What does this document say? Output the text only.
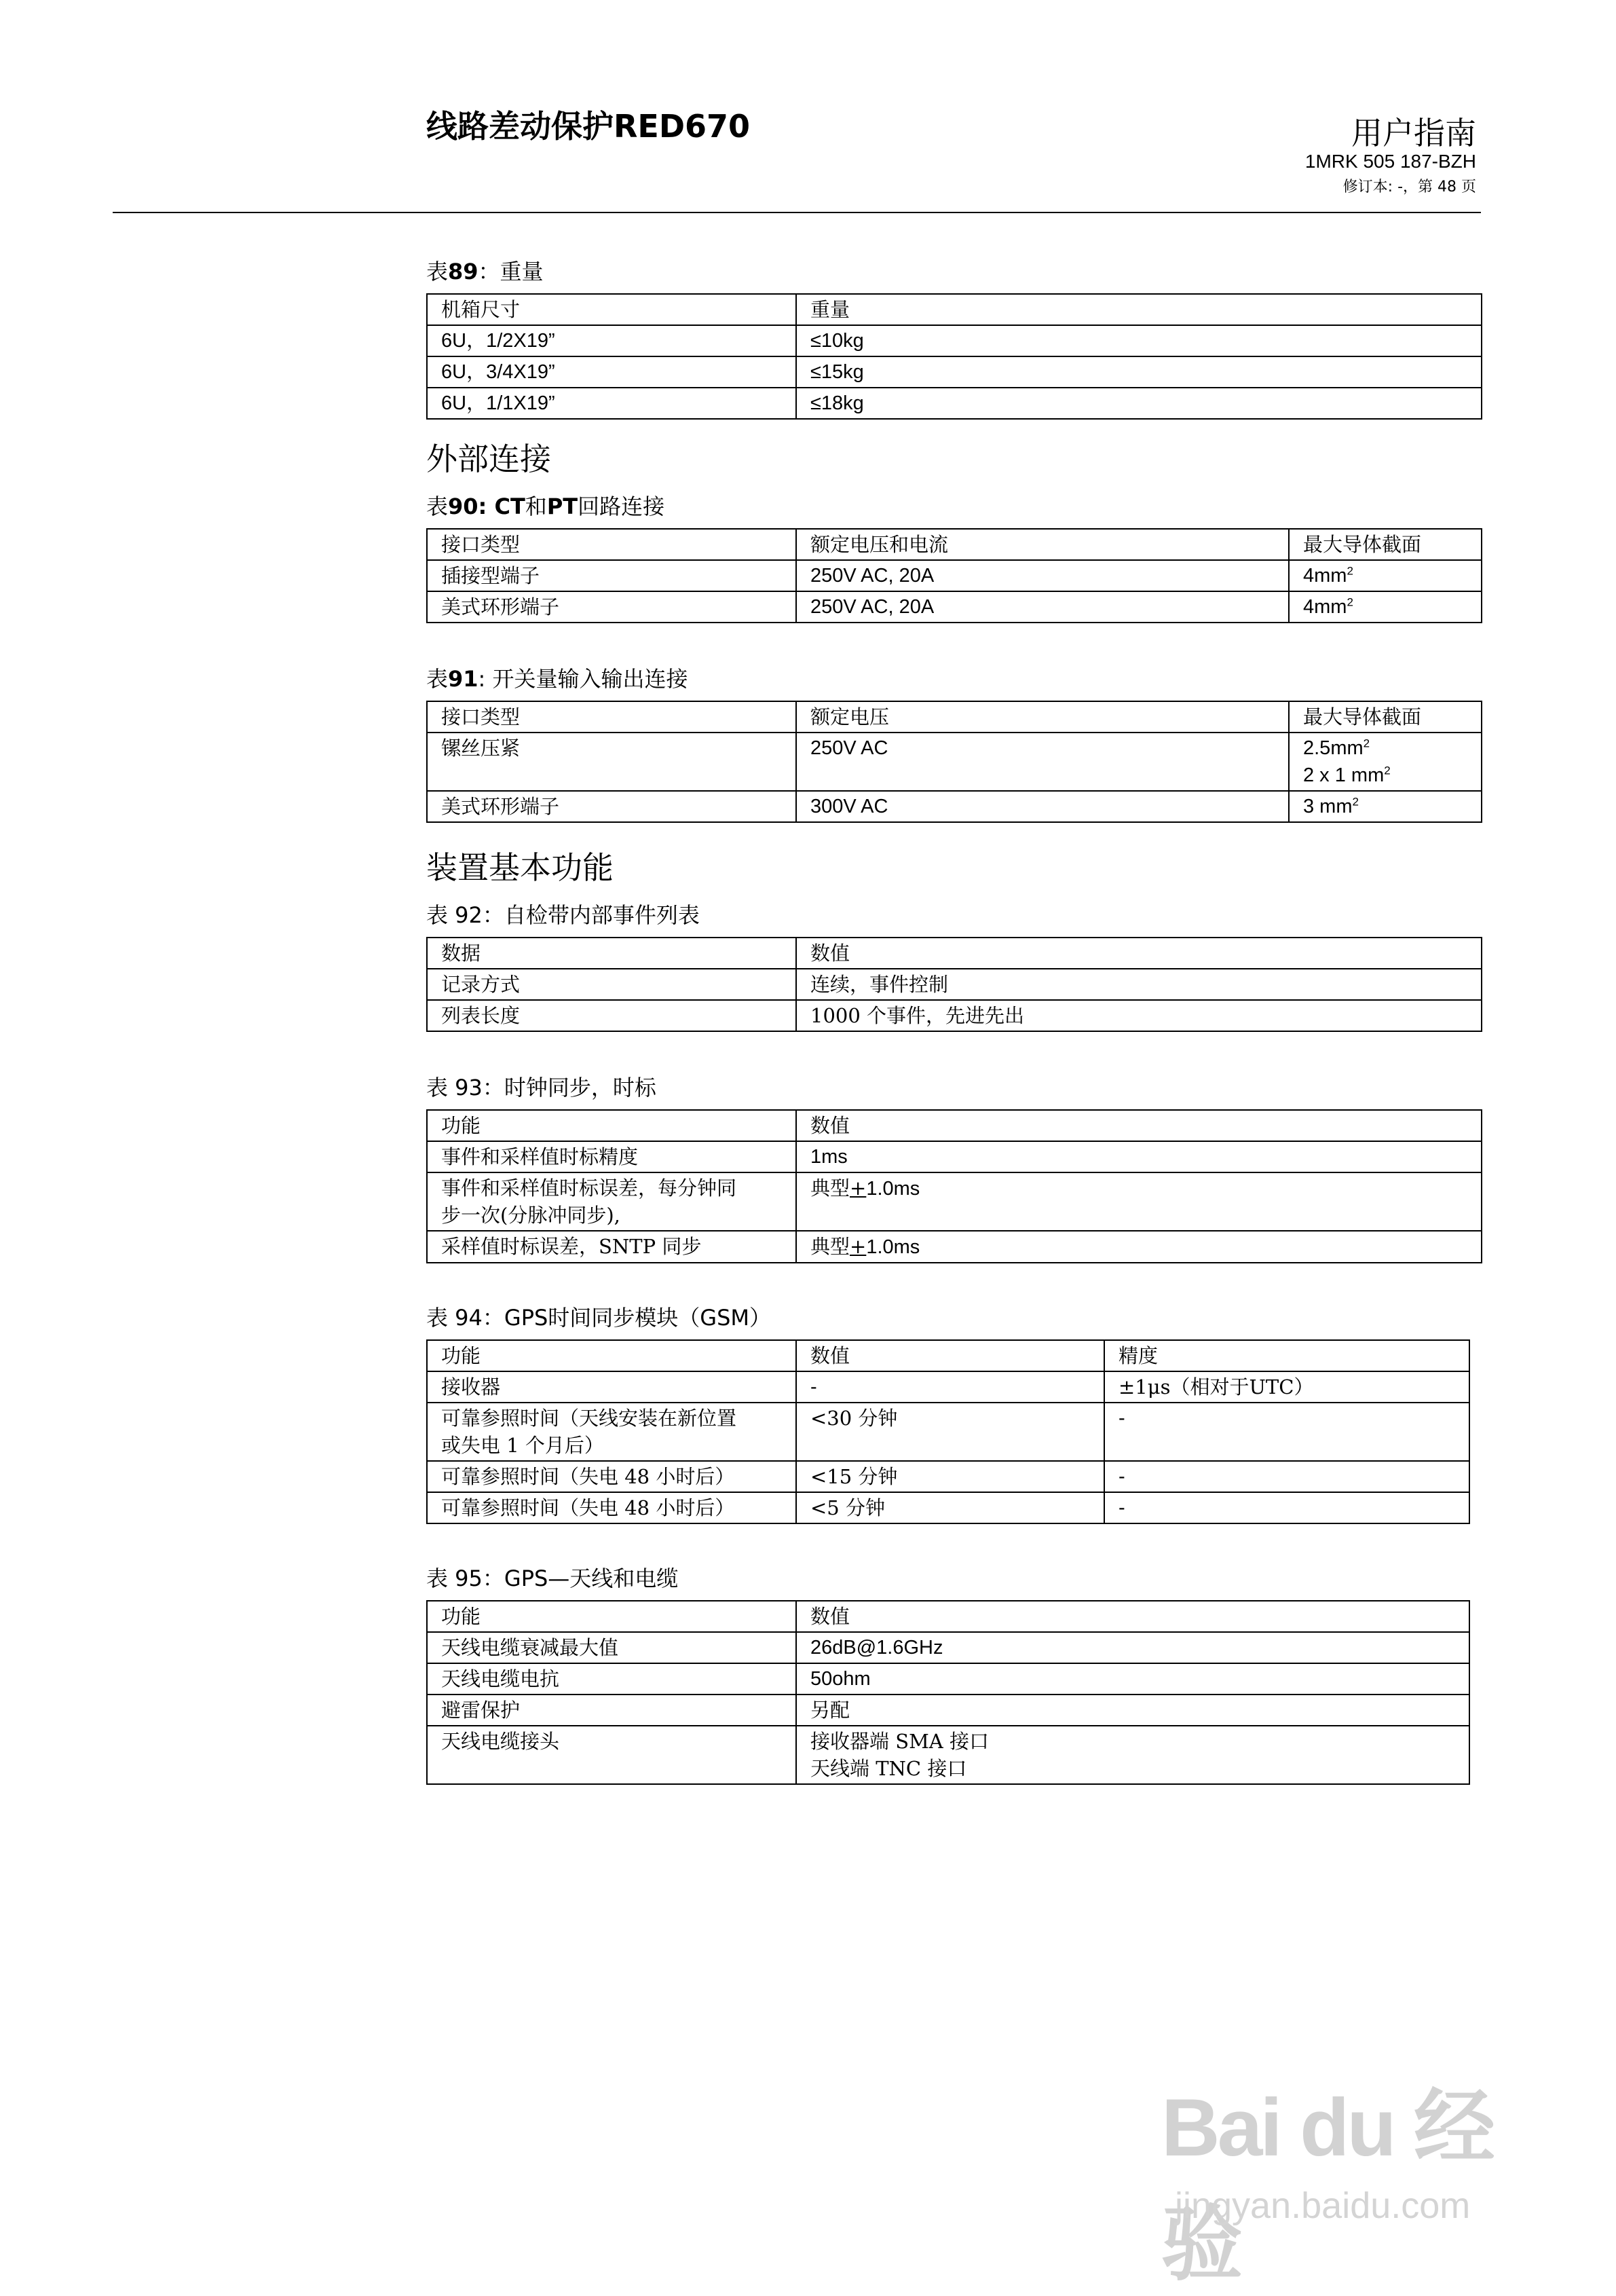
线路差动保护RED670	用户指南
1MRK 505 187-BZH
修订本: -，第 48 页
表89：重量
机箱尺寸	重量
6U，1/2X19”	≤10kg
6U，3/4X19”	≤15kg
6U，1/1X19”	≤18kg
外部连接
表90: CT和PT回路连接
接口类型	额定电压和电流	最大导体截面
插接型端子	250V AC, 20A	$4mm^2$
美式环形端子	250V AC, 20A	$4mm^2$
表91: 开关量输入输出连接
接口类型	额定电压	最大导体截面
镙丝压紧	250V AC	$2.5mm^2$
2 x 1 $mm^2$

美式环形端子	300V AC	3 $mm^2$
装置基本功能
表 92：自检带内部事件列表
数据	数值
记录方式	连续，事件控制
列表长度	1000 个事件，先进先出
表 93：时钟同步，时标
功能	数值
事件和采样值时标精度	1ms

事件和采样值时标误差，每分钟同
步一次(分脉冲同步),	典型+1.0ms
采样值时标误差，SNTP 同步	典型+1.0ms
表 94：GPS时间同步模块（GSM）
功能	数值	精度
接收器	-	±1μs（相对于UTC）

可靠参照时间（天线安装在新位置
或失电 1 个月后）	<30 分钟	-
可靠参照时间（失电 48 小时后）	<15 分钟	-
可靠参照时间（失电 48 小时后）	<5 分钟	-
表 95：GPS—天线和电缆
功能	数值
天线电缆衰减最大值	26dB@1.6GHz
天线电缆电抗	50ohm
避雷保护	另配
天线电缆接头	接收器端 SMA 接口
天线端 TNC 接口
Bai du 经验
jingyan.baidu.com
